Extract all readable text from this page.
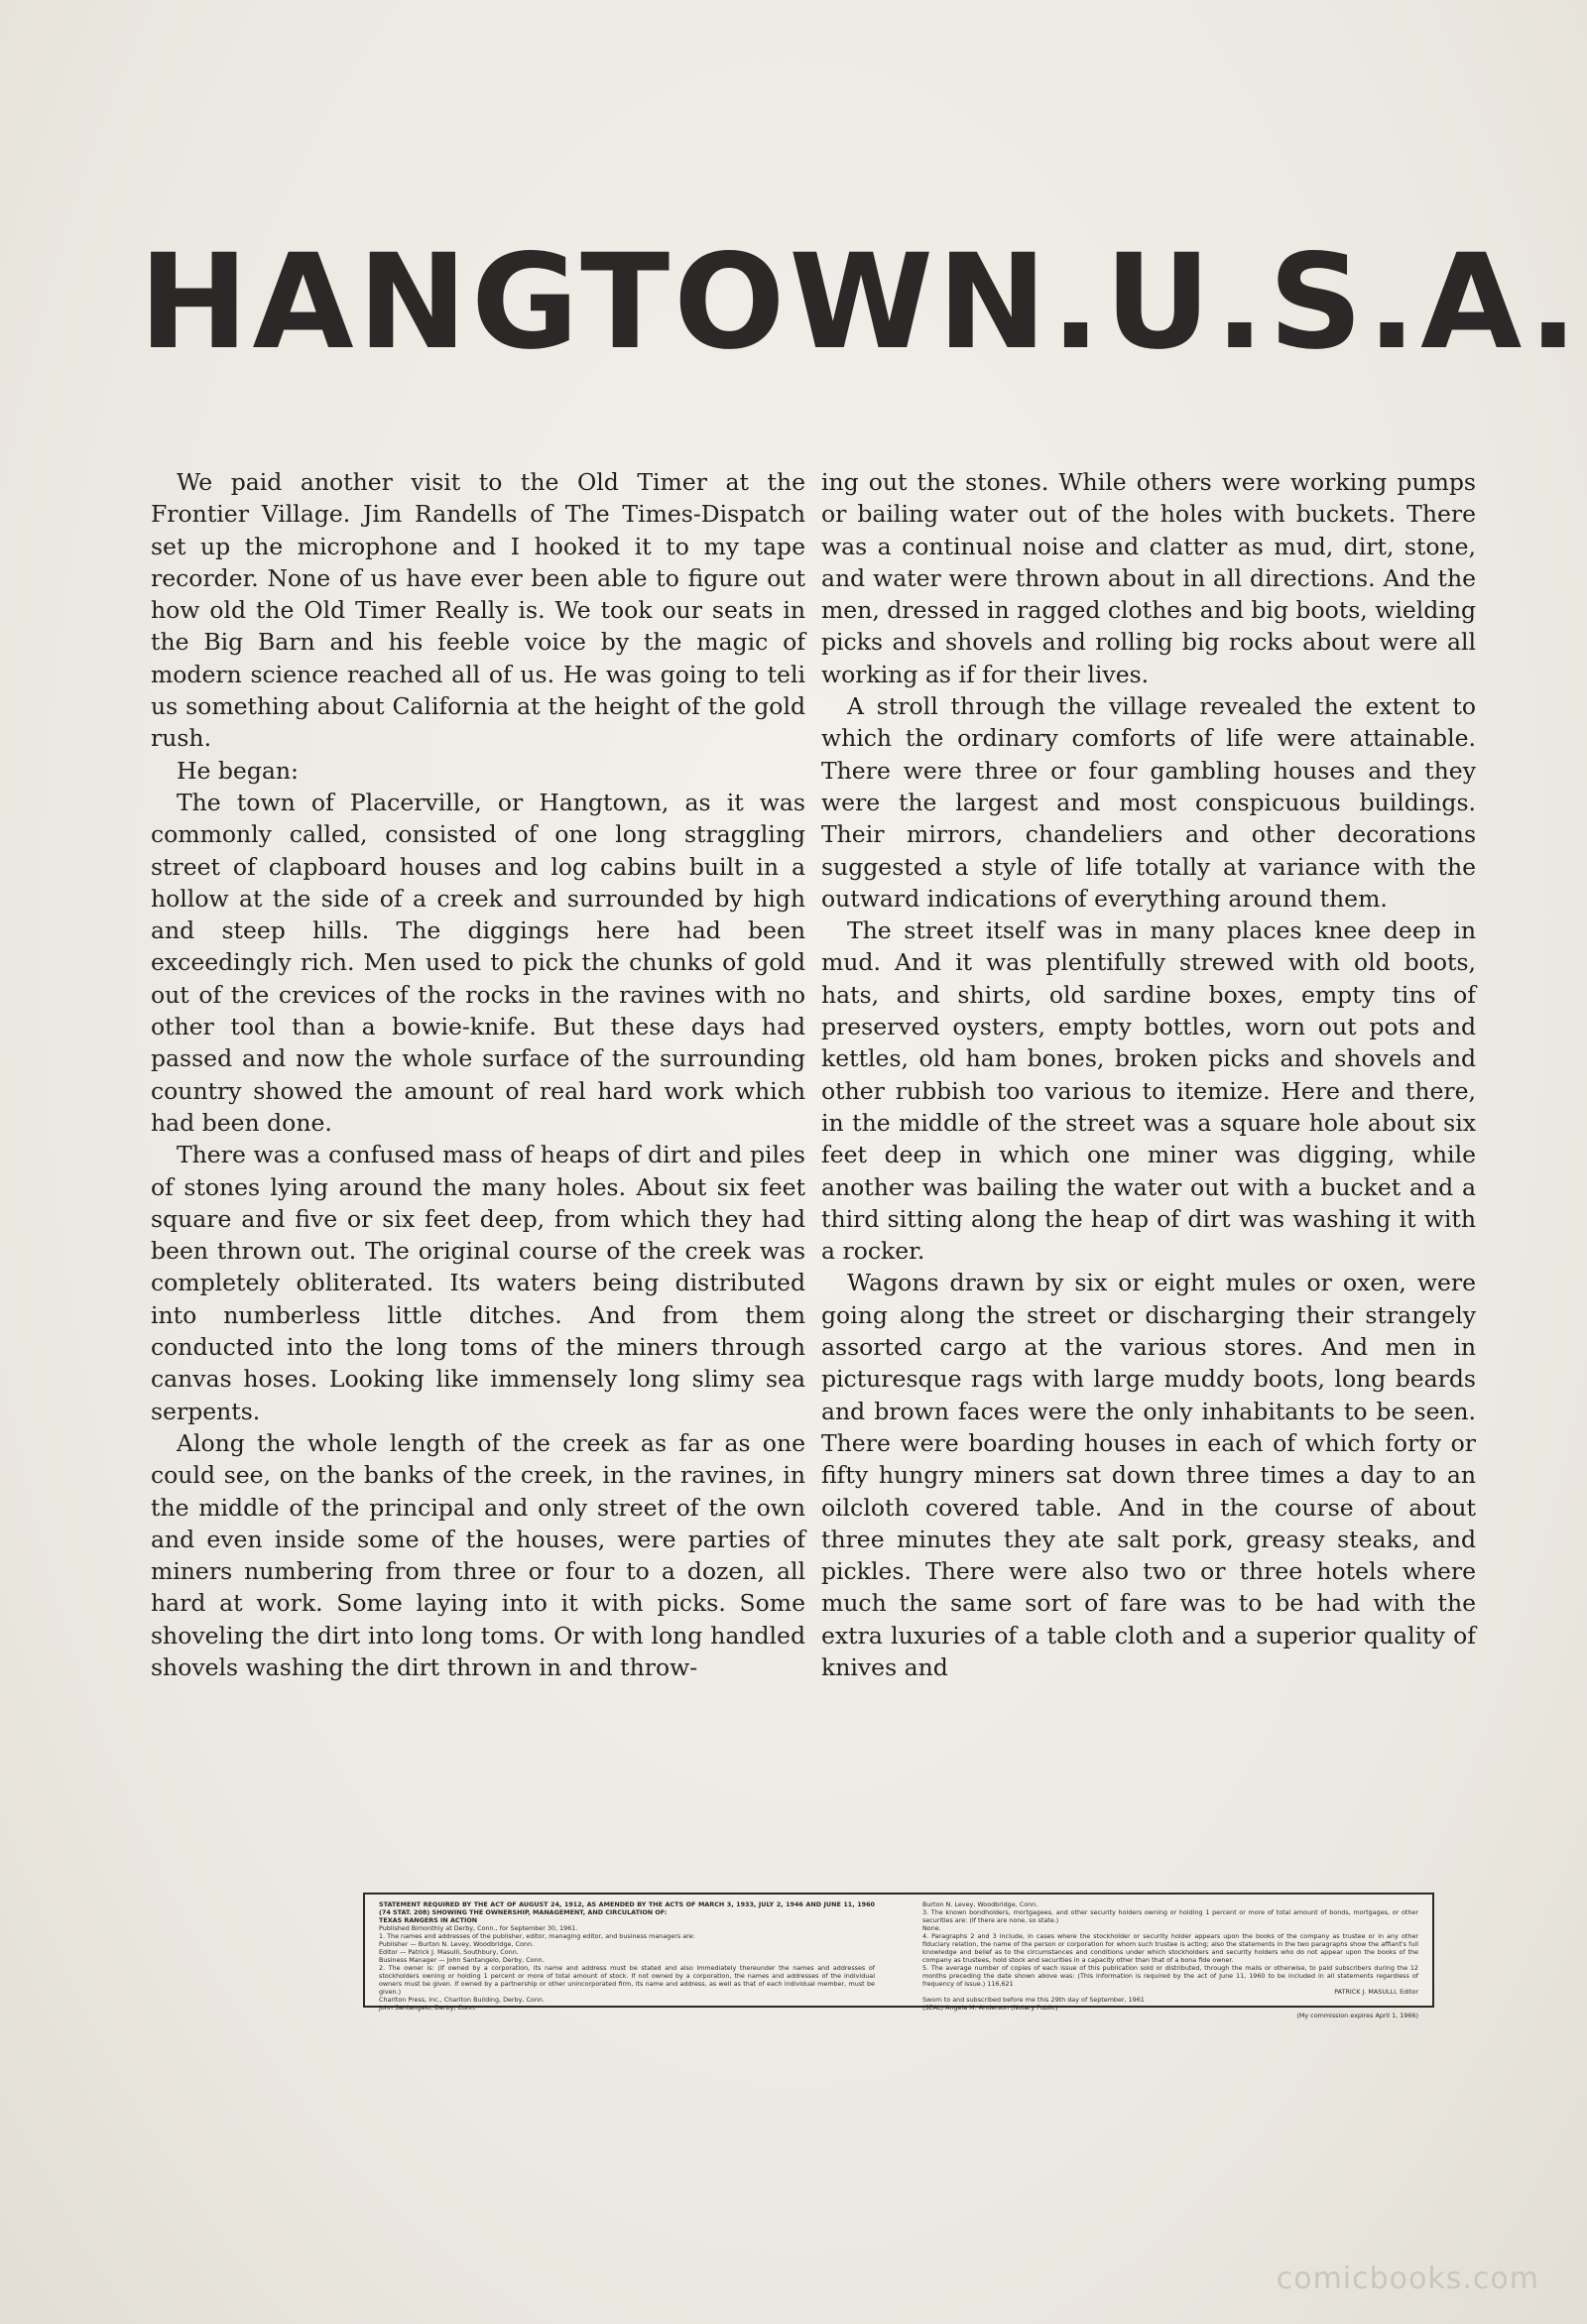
HANGTOWN.U.S.A.

We paid another visit to the Old Timer at the Frontier Village. Jim Randells of The Times-Dispatch set up the microphone and I hooked it to my tape recorder. None of us have ever been able to figure out how old the Old Timer Really is. We took our seats in the Big Barn and his feeble voice by the magic of modern science reached all of us. He was going to teli us something about California at the height of the gold rush.

He began:

The town of Placerville, or Hangtown, as it was commonly called, consisted of one long straggling street of clapboard houses and log cabins built in a hollow at the side of a creek and surrounded by high and steep hills. The diggings here had been exceedingly rich. Men used to pick the chunks of gold out of the crevices of the rocks in the ravines with no other tool than a bowie-knife. But these days had passed and now the whole surface of the surrounding country showed the amount of real hard work which had been done.

There was a confused mass of heaps of dirt and piles of stones lying around the many holes. About six feet square and five or six feet deep, from which they had been thrown out. The original course of the creek was completely obliterated. Its waters being distributed into numberless little ditches. And from them conducted into the long toms of the miners through canvas hoses. Looking like immensely long slimy sea serpents.

Along the whole length of the creek as far as one could see, on the banks of the creek, in the ravines, in the middle of the principal and only street of the own and even inside some of the houses, were parties of miners numbering from three or four to a dozen, all hard at work. Some laying into it with picks. Some shoveling the dirt into long toms. Or with long handled shovels washing the dirt thrown in and throw-

ing out the stones. While others were working pumps or bailing water out of the holes with buckets. There was a continual noise and clatter as mud, dirt, stone, and water were thrown about in all directions. And the men, dressed in ragged clothes and big boots, wielding picks and shovels and rolling big rocks about were all working as if for their lives.

A stroll through the village revealed the extent to which the ordinary comforts of life were attainable. There were three or four gambling houses and they were the largest and most conspicuous buildings. Their mirrors, chandeliers and other decorations suggested a style of life totally at variance with the outward indications of everything around them.

The street itself was in many places knee deep in mud. And it was plentifully strewed with old boots, hats, and shirts, old sardine boxes, empty tins of preserved oysters, empty bottles, worn out pots and kettles, old ham bones, broken picks and shovels and other rubbish too various to itemize. Here and there, in the middle of the street was a square hole about six feet deep in which one miner was digging, while another was bailing the water out with a bucket and a third sitting along the heap of dirt was washing it with a rocker.

Wagons drawn by six or eight mules or oxen, were going along the street or discharging their strangely assorted cargo at the various stores. And men in picturesque rags with large muddy boots, long beards and brown faces were the only inhabitants to be seen. There were boarding houses in each of which forty or fifty hungry miners sat down three times a day to an oilcloth covered table. And in the course of about three minutes they ate salt pork, greasy steaks, and pickles. There were also two or three hotels where much the same sort of fare was to be had with the extra luxuries of a table cloth and a superior quality of knives and

STATEMENT REQUIRED BY THE ACT OF AUGUST 24, 1912, AS AMENDED BY THE ACTS OF MARCH 3, 1933, JULY 2, 1946 AND JUNE 11, 1960 (74 STAT. 208) SHOWING THE OWNERSHIP, MANAGEMENT, AND CIRCULATION OF:

TEXAS RANGERS IN ACTION

Published Bimonthly at Derby, Conn., for September 30, 1961.

1. The names and addresses of the publisher, editor, managing editor, and business managers are:

Publisher — Burton N. Levey, Woodbridge, Conn.

Editor — Patrick J. Masulli, Southbury, Conn.

Business Manager — John Santangelo, Derby, Conn.

2. The owner is: (If owned by a corporation, its name and address must be stated and also immediately thereunder the names and addresses of stockholders owning or holding 1 percent or more of total amount of stock. If not owned by a corporation, the names and addresses of the individual owners must be given. If owned by a partnership or other unincorporated firm, its name and address, as well as that of each individual member, must be given.)

Charlton Press, Inc., Charlton Building, Derby, Conn.

John Santangelo, Derby, Conn.

Burton N. Levey, Woodbridge, Conn.

3. The known bondholders, mortgagees, and other security holders owning or holding 1 percent or more of total amount of bonds, mortgages, or other securities are: (If there are none, so state.)

None.

4. Paragraphs 2 and 3 include, in cases where the stockholder or security holder appears upon the books of the company as trustee or in any other fiduciary relation, the name of the person or corporation for whom such trustee is acting; also the statements in the two paragraphs show the affiant's full knowledge and belief as to the circumstances and conditions under which stockholders and security holders who do not appear upon the books of the company as trustees, hold stock and securities in a capacity other than that of a bona fide owner.

5. The average number of copies of each issue of this publication sold or distributed, through the mails or otherwise, to paid subscribers during the 12 months preceding the date shown above was: (This information is required by the act of June 11, 1960 to be included in all statements regardless of frequency of issue.) 116,621

PATRICK J. MASULLI, Editor

Sworn to and subscribed before me this 29th day of September, 1961

(SEAL) Angela M. Anderson (Notary Public)

(My commission expires April 1, 1966)

comicbooks.com
